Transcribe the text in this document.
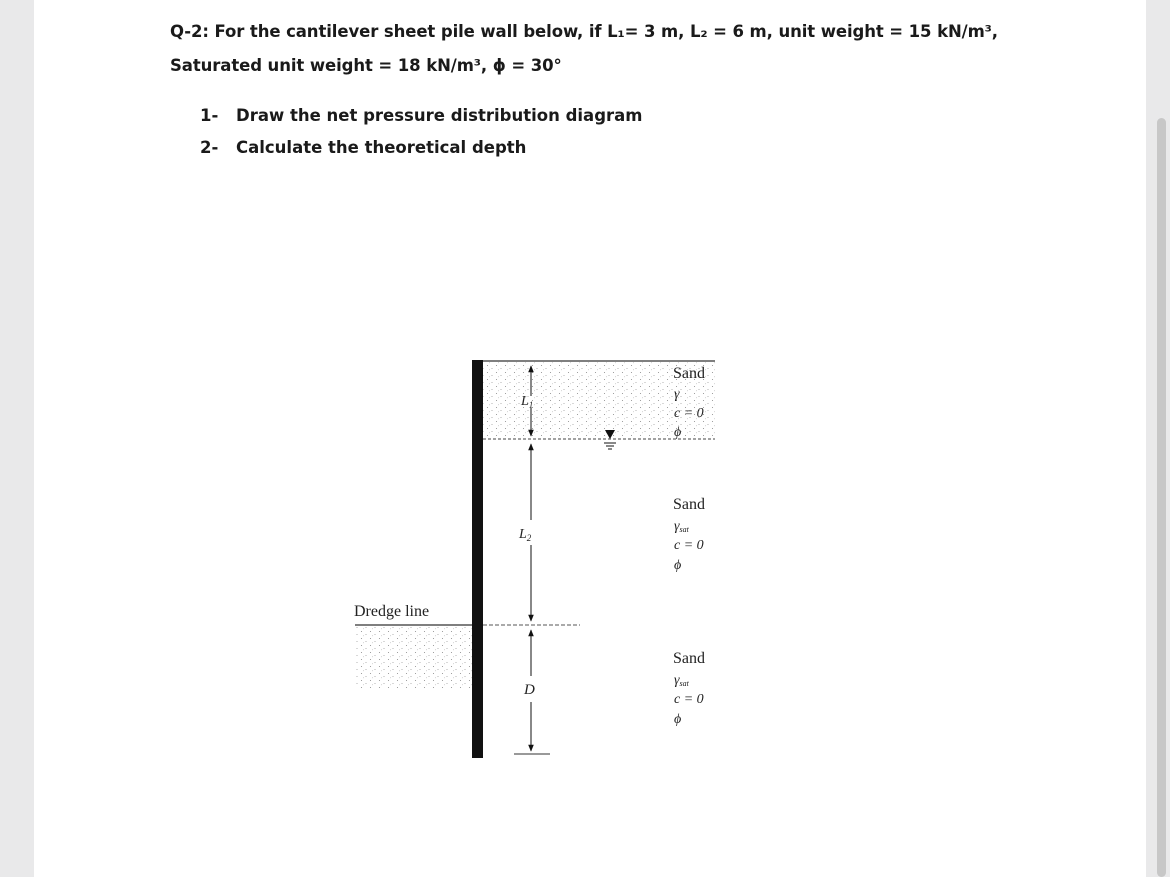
Q-2: For the cantilever sheet pile wall below, if L₁= 3 m, L₂ = 6 m, unit weight = 15 kN/m³,
Saturated unit weight = 18 kN/m³, ϕ = 30°
1- Draw the net pressure distribution diagram
2- Calculate the theoretical depth
$L_1$
$L_2$
D
Dredge line
Sand
γ
c = 0
ϕ
Sand
γsat
c = 0
ϕ
Sand
γsat
c = 0
ϕ
